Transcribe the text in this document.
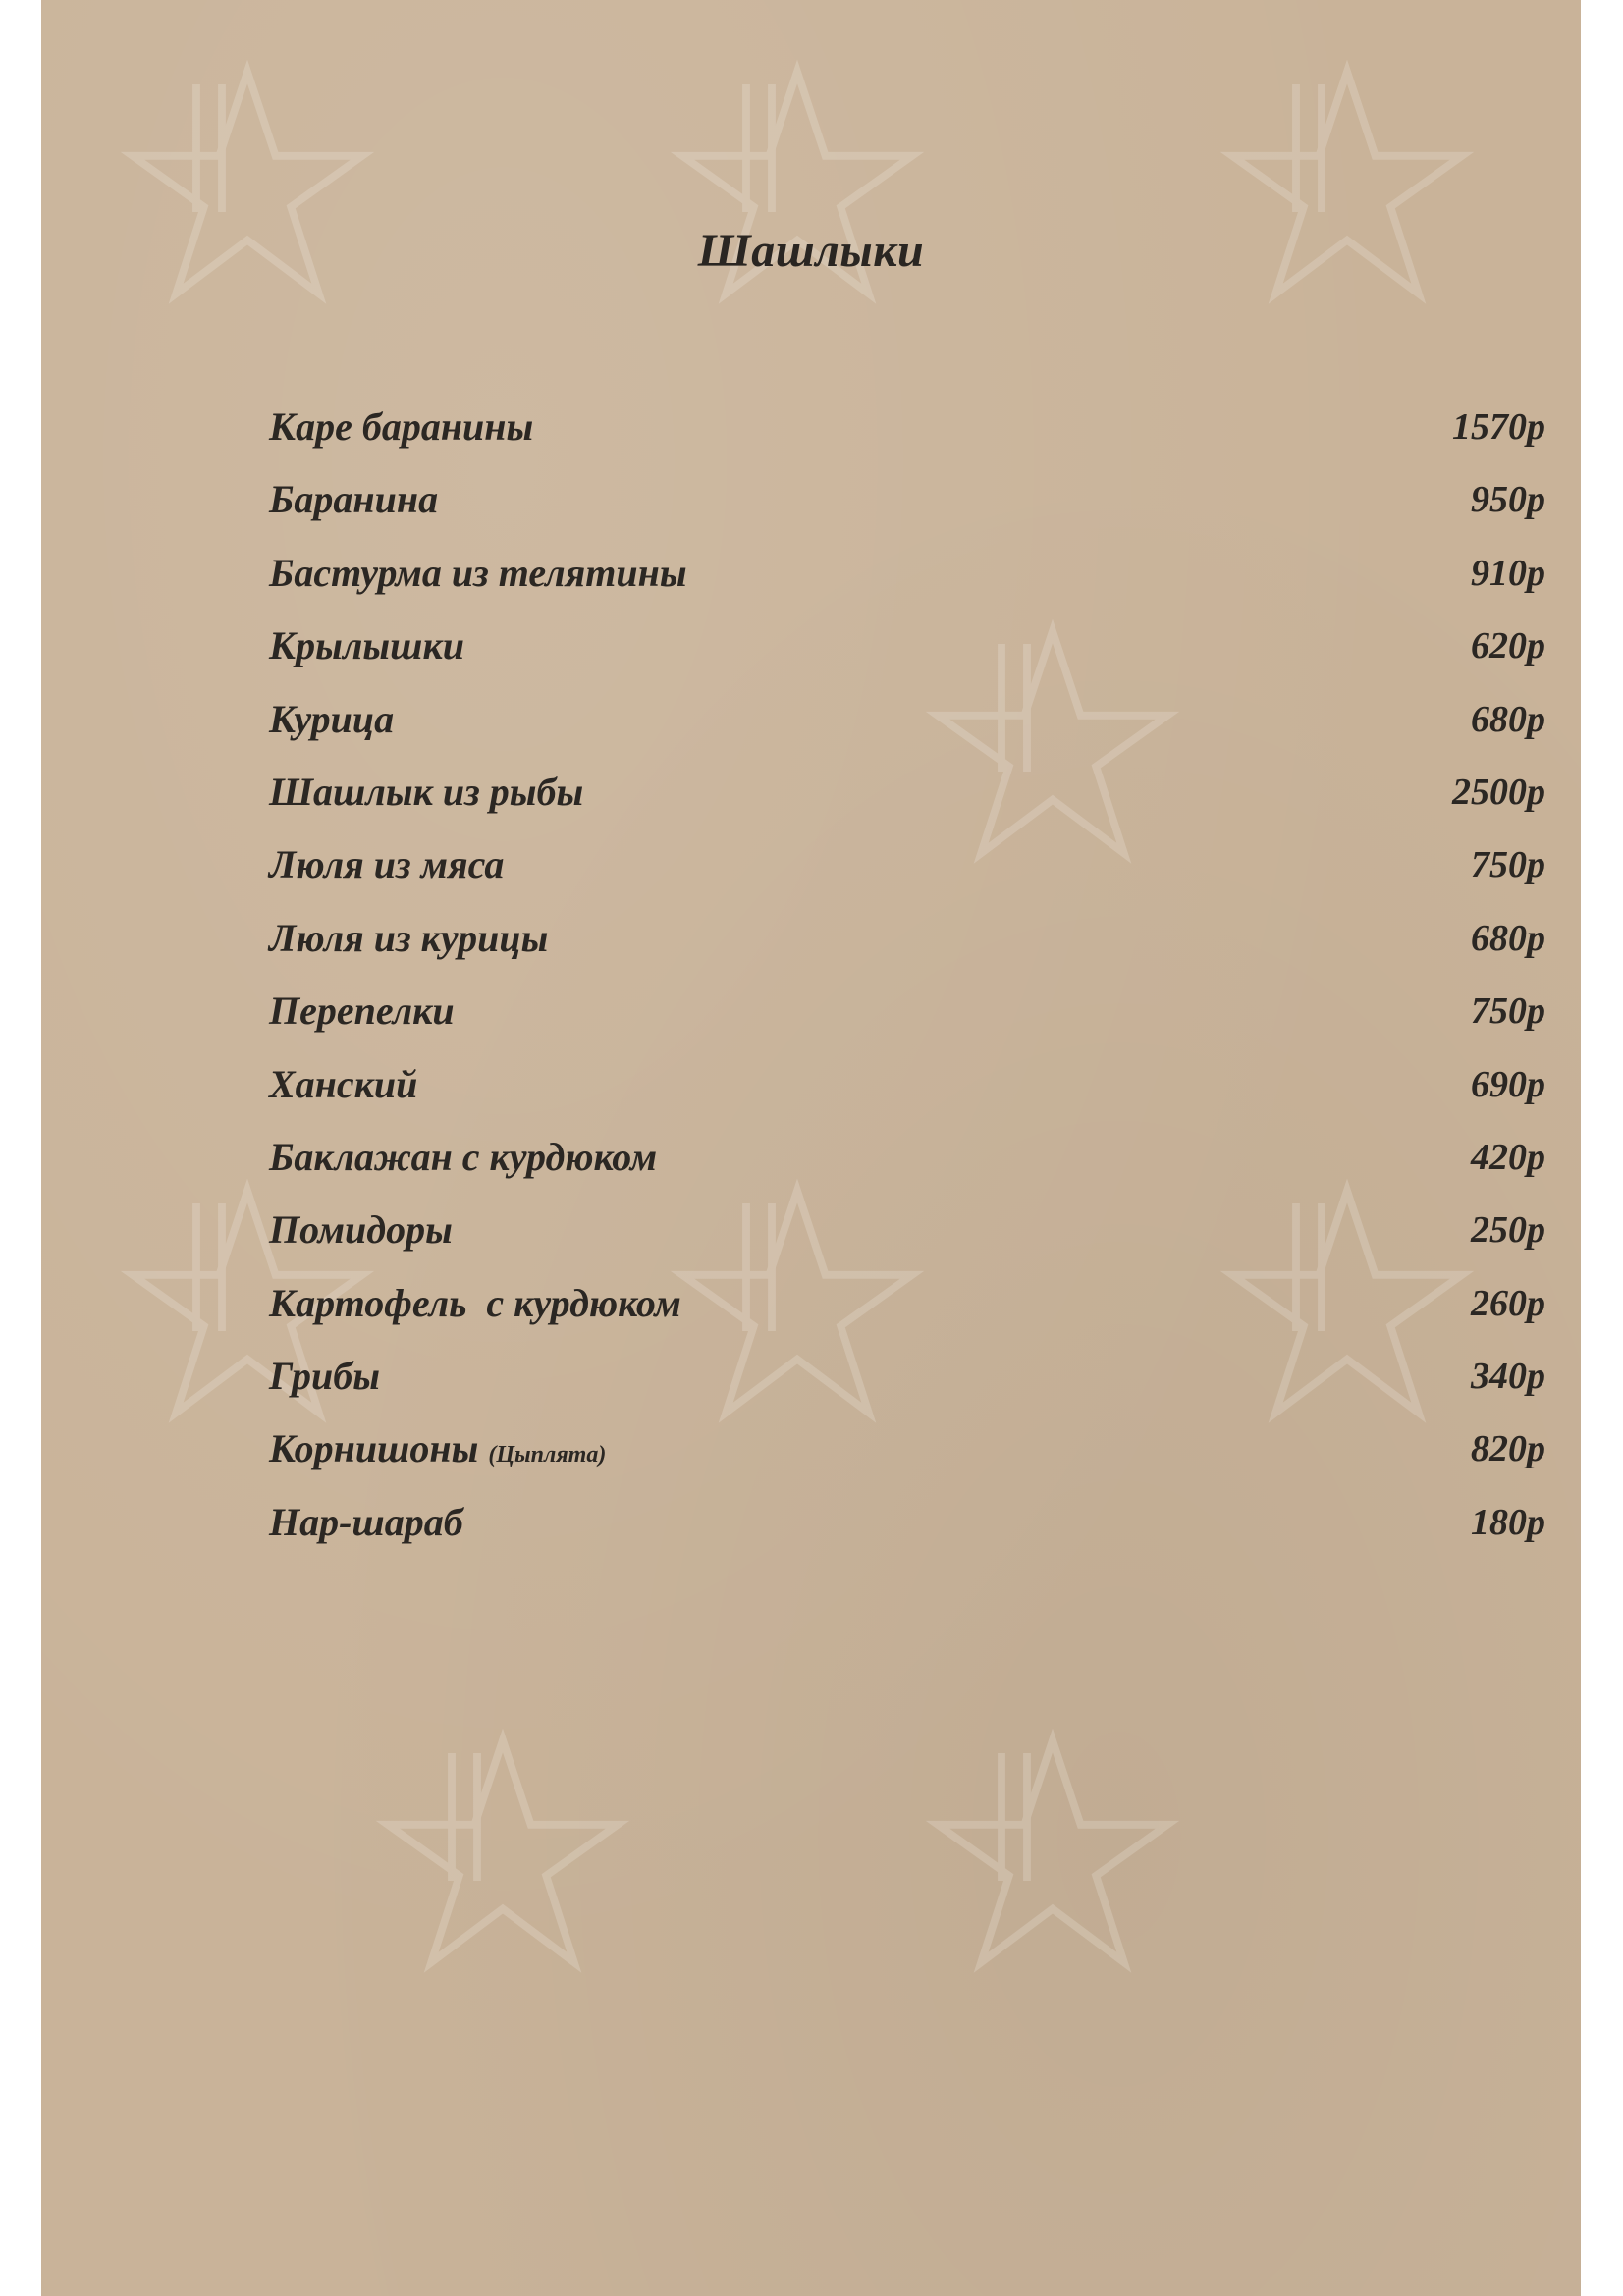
Шашлыки
Каре баранины	1570р
Баранина	950р
Бастурма из телятины	910р
Крылышки	620р
Курица	680р
Шашлык из рыбы	2500р
Люля из мяса	750р
Люля из курицы	680р
Перепелки	750р
Ханский	690р
Баклажан с курдюком	420р
Помидоры	250р
Картофель  с курдюком	260р
Грибы	340р
Корнишоны (Цыплята)	820р
Нар-шараб	180р
